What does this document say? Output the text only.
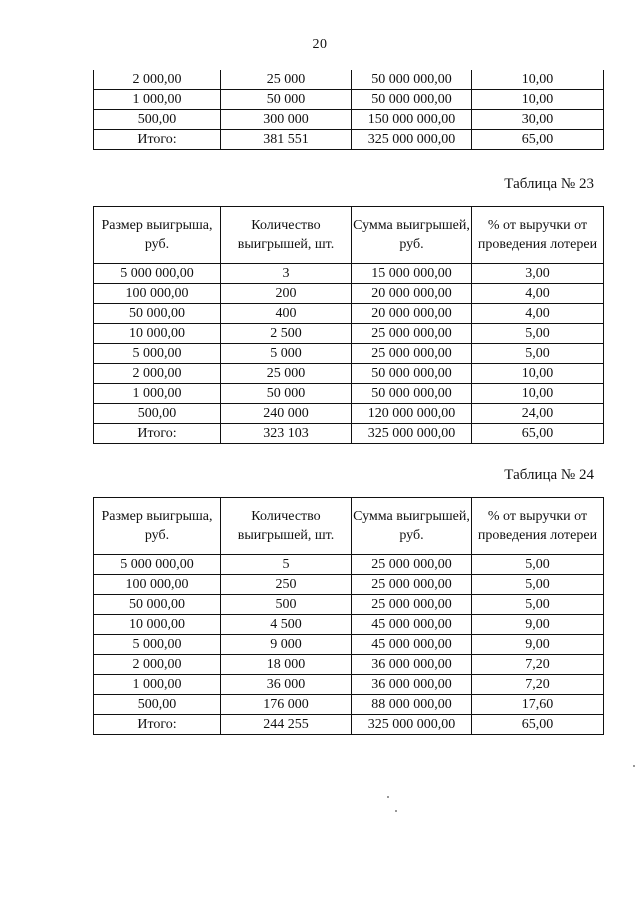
20
2 000,00	25 000	50 000 000,00	10,00
1 000,00	50 000	50 000 000,00	10,00
500,00	300 000	150 000 000,00	30,00
Итого:	381 551	325 000 000,00	65,00
Таблица № 23
Размер выигрыша, руб.	Количество выигрышей, шт.	Сумма выигрышей, руб.	% от выручки от проведения лотереи
5 000 000,00	3	15 000 000,00	3,00
100 000,00	200	20 000 000,00	4,00
50 000,00	400	20 000 000,00	4,00
10 000,00	2 500	25 000 000,00	5,00
5 000,00	5 000	25 000 000,00	5,00
2 000,00	25 000	50 000 000,00	10,00
1 000,00	50 000	50 000 000,00	10,00
500,00	240 000	120 000 000,00	24,00
Итого:	323 103	325 000 000,00	65,00
Таблица № 24
Размер выигрыша, руб.	Количество выигрышей, шт.	Сумма выигрышей, руб.	% от выручки от проведения лотереи
5 000 000,00	5	25 000 000,00	5,00
100 000,00	250	25 000 000,00	5,00
50 000,00	500	25 000 000,00	5,00
10 000,00	4 500	45 000 000,00	9,00
5 000,00	9 000	45 000 000,00	9,00
2 000,00	18 000	36 000 000,00	7,20
1 000,00	36 000	36 000 000,00	7,20
500,00	176 000	88 000 000,00	17,60
Итого:	244 255	325 000 000,00	65,00
